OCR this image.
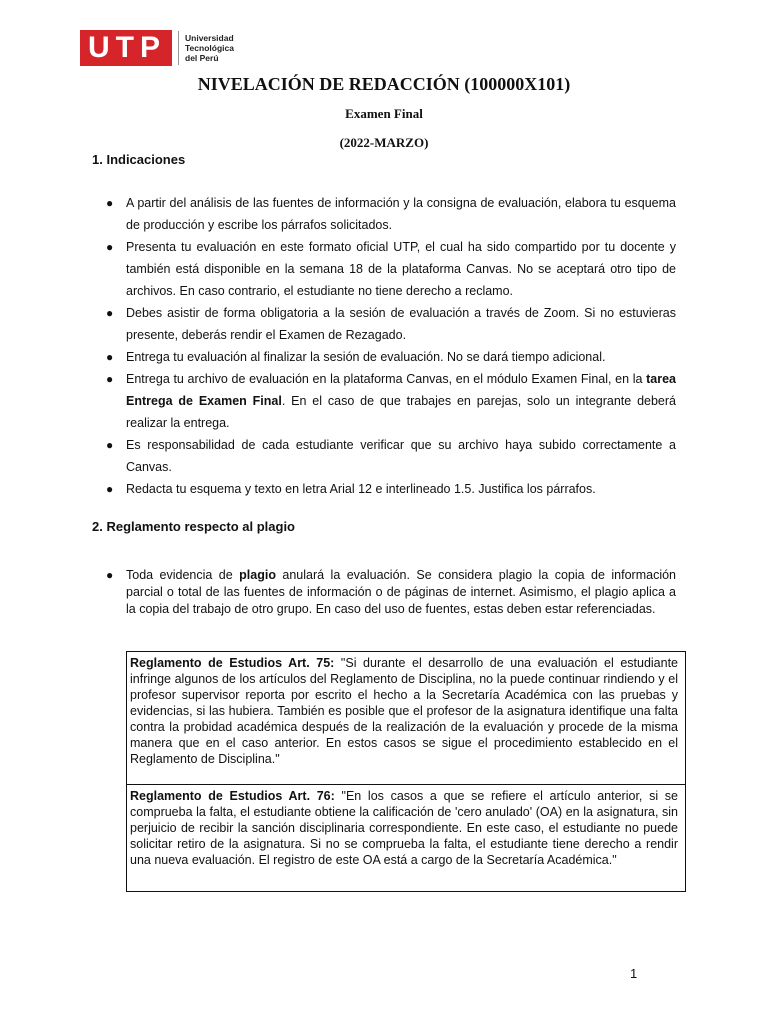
UTP	Universidad
Tecnológica
del Perú
NIVELACIÓN DE REDACCIÓN (100000X101)
Examen Final
(2022-MARZO)
1. Indicaciones
● A partir del análisis de las fuentes de información y la consigna de evaluación, elabora tu esquema de producción y escribe los párrafos solicitados.
● Presenta tu evaluación en este formato oficial UTP, el cual ha sido compartido por tu docente y también está disponible en la semana 18 de la plataforma Canvas. No se aceptará otro tipo de archivos. En caso contrario, el estudiante no tiene derecho a reclamo.
● Debes asistir de forma obligatoria a la sesión de evaluación a través de Zoom. Si no estuvieras presente, deberás rendir el Examen de Rezagado.
● Entrega tu evaluación al finalizar la sesión de evaluación. No se dará tiempo adicional.
● Entrega tu archivo de evaluación en la plataforma Canvas, en el módulo Examen Final, en la tarea Entrega de Examen Final. En el caso de que trabajes en parejas, solo un integrante deberá realizar la entrega.
● Es responsabilidad de cada estudiante verificar que su archivo haya subido correctamente a Canvas.
● Redacta tu esquema y texto en letra Arial 12 e interlineado 1.5. Justifica los párrafos.
2. Reglamento respecto al plagio
● Toda evidencia de plagio anulará la evaluación. Se considera plagio la copia de información parcial o total de las fuentes de información o de páginas de internet. Asimismo, el plagio aplica a la copia del trabajo de otro grupo. En caso del uso de fuentes, estas deben estar referenciadas.
Reglamento de Estudios Art. 75: "Si durante el desarrollo de una evaluación el estudiante infringe algunos de los artículos del Reglamento de Disciplina, no la puede continuar rindiendo y el profesor supervisor reporta por escrito el hecho a la Secretaría Académica con las pruebas y evidencias, si las hubiera. También es posible que el profesor de la asignatura identifique una falta contra la probidad académica después de la realización de la evaluación y procede de la misma manera que en el caso anterior. En estos casos se sigue el procedimiento establecido en el Reglamento de Disciplina."
Reglamento de Estudios Art. 76: "En los casos a que se refiere el artículo anterior, si se comprueba la falta, el estudiante obtiene la calificación de 'cero anulado' (OA) en la asignatura, sin perjuicio de recibir la sanción disciplinaria correspondiente. En este caso, el estudiante no puede solicitar retiro de la asignatura. Si no se comprueba la falta, el estudiante tiene derecho a rendir una nueva evaluación. El registro de este OA está a cargo de la Secretaría Académica."
1
